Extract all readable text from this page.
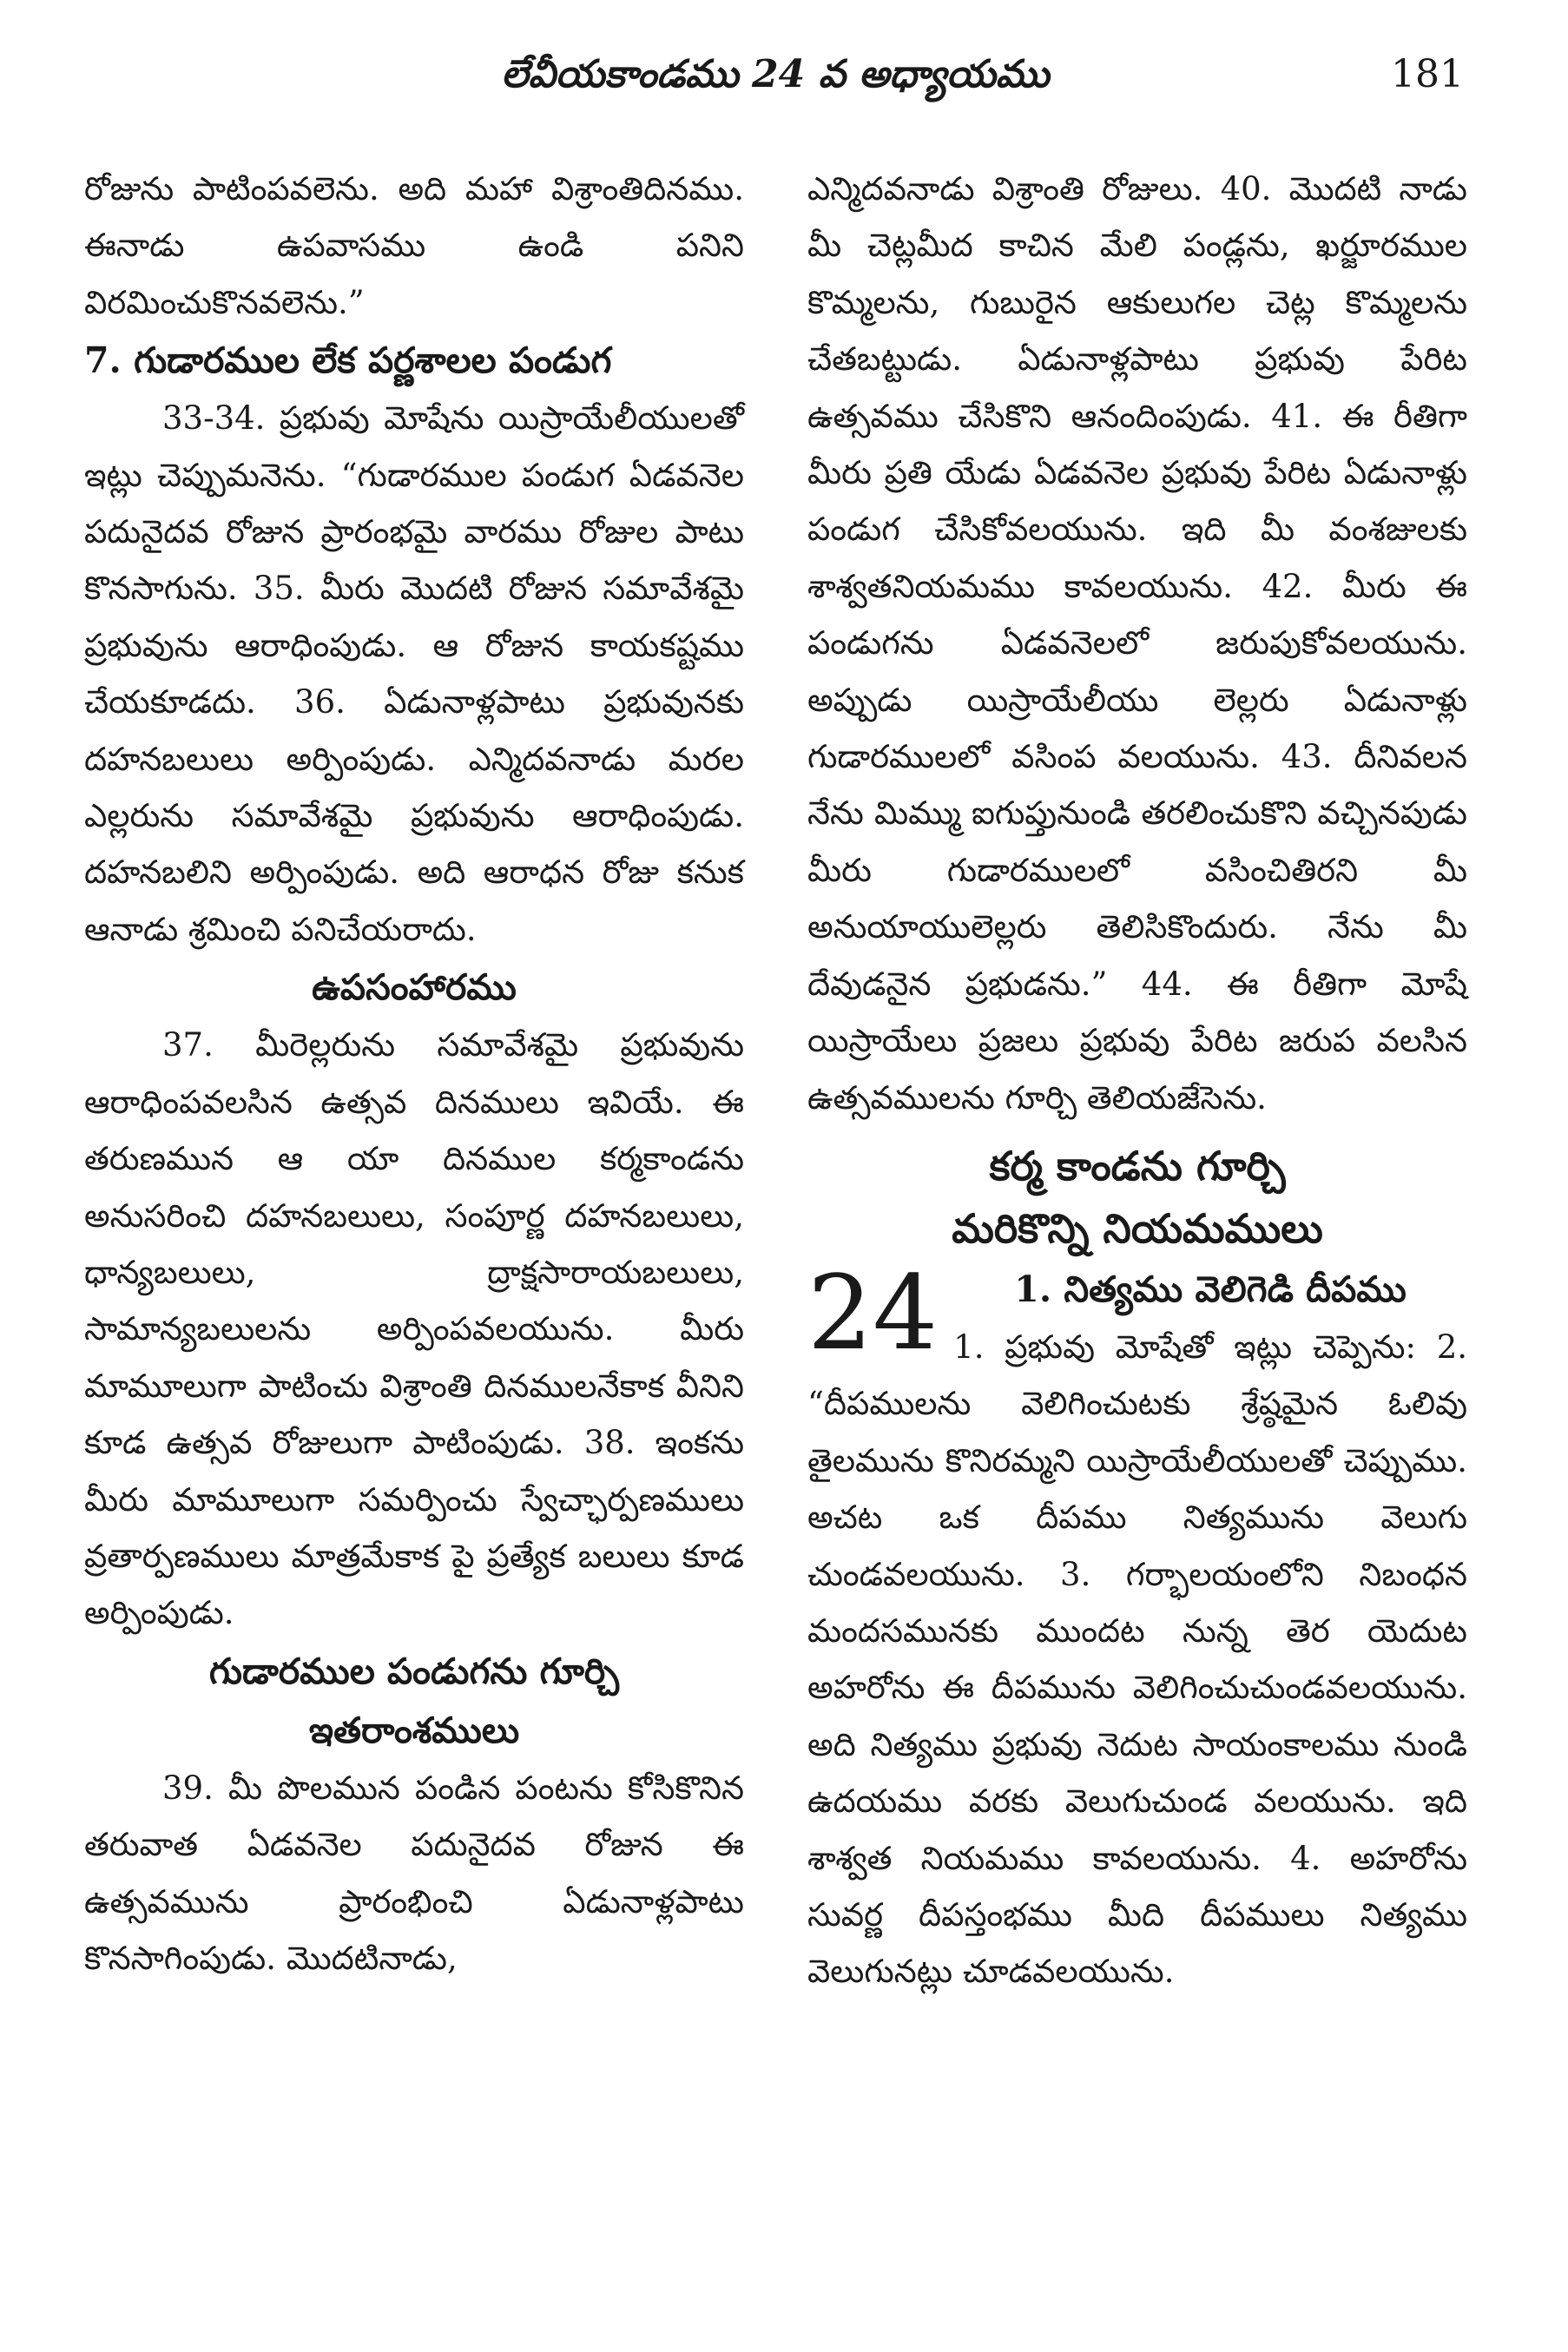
లేవీయకాండము 24 వ అధ్యాయము	181

రోజును పాటింపవలెను. అది మహా విశ్రాంతిదినము. ఈనాడు ఉపవాసము ఉండి పనిని విరమించుకొనవలెను.”

7. గుడారముల లేక పర్ణశాలల పండుగ

33-34. ప్రభువు మోషేను యిస్రాయేలీయులతో ఇట్లు చెప్పుమనెను. “గుడారముల పండుగ ఏడవనెల పదునైదవ రోజున ప్రారంభమై వారము రోజుల పాటు కొనసాగును. 35. మీరు మొదటి రోజున సమావేశమై ప్రభువును ఆరాధింపుడు. ఆ రోజున కాయకష్టము చేయకూడదు. 36. ఏడునాళ్లపాటు ప్రభువునకు దహనబలులు అర్పింపుడు. ఎన్మిదవనాడు మరల ఎల్లరును సమావేశమై ప్రభువును ఆరాధింపుడు. దహనబలిని అర్పింపుడు. అది ఆరాధన రోజు కనుక ఆనాడు శ్రమించి పనిచేయరాదు.

ఉపసంహారము

37. మీరెల్లరును సమావేశమై ప్రభువును ఆరాధింపవలసిన ఉత్సవ దినములు ఇవియే. ఈ తరుణమున ఆ యా దినముల కర్మకాండను అనుసరించి దహనబలులు, సంపూర్ణ దహనబలులు, ధాన్యబలులు, ద్రాక్షసారాయబలులు, సామాన్యబలులను అర్పింపవలయును. మీరు మామూలుగా పాటించు విశ్రాంతి దినములనేకాక వీనిని కూడ ఉత్సవ రోజులుగా పాటింపుడు. 38. ఇంకను మీరు మామూలుగా సమర్పించు స్వేచ్ఛార్పణములు వ్రతార్పణములు మాత్రమేకాక పై ప్రత్యేక బలులు కూడ అర్పింపుడు.

గుడారముల పండుగను గూర్చి
ఇతరాంశములు

39. మీ పొలమున పండిన పంటను కోసికొనిన తరువాత ఏడవనెల పదునైదవ రోజున ఈ ఉత్సవమును ప్రారంభించి ఏడునాళ్లపాటు కొనసాగింపుడు. మొదటినాడు,

ఎన్మిదవనాడు విశ్రాంతి రోజులు. 40. మొదటి నాడు మీ చెట్లమీద కాచిన మేలి పండ్లను, ఖర్జూరముల కొమ్మలను, గుబురైన ఆకులుగల చెట్ల కొమ్మలను చేతబట్టుడు. ఏడునాళ్లపాటు ప్రభువు పేరిట ఉత్సవము చేసికొని ఆనందింపుడు. 41. ఈ రీతిగా మీరు ప్రతి యేడు ఏడవనెల ప్రభువు పేరిట ఏడునాళ్లు పండుగ చేసికోవలయును. ఇది మీ వంశజులకు శాశ్వతనియమము కావలయును. 42. మీరు ఈ పండుగను ఏడవనెలలో జరుపుకోవలయును. అప్పుడు యిస్రాయేలీయు లెల్లరు ఏడునాళ్లు గుడారములలో వసింప వలయును. 43. దీనివలన నేను మిమ్ము ఐగుప్తునుండి తరలించుకొని వచ్చినపుడు మీరు గుడారములలో వసించితిరని మీ అనుయాయులెల్లరు తెలిసికొందురు. నేను మీ దేవుడనైన ప్రభుడను.” 44. ఈ రీతిగా మోషే యిస్రాయేలు ప్రజలు ప్రభువు పేరిట జరుప వలసిన ఉత్సవములను గూర్చి తెలియజేసెను.

కర్మ కాండను గూర్చి
మరికొన్ని నియమములు
24	1. నిత్యము వెలిగెడి దీపము

1. ప్రభువు మోషేతో ఇట్లు చెప్పెను: 2. “దీపములను వెలిగించుటకు శ్రేష్ఠమైన ఓలివు తైలమును కొనిరమ్మని యిస్రాయేలీయులతో చెప్పుము. అచట ఒక దీపము నిత్యమును వెలుగు చుండవలయును. 3. గర్భాలయంలోని నిబంధన మందసమునకు ముందట నున్న తెర యెదుట అహరోను ఈ దీపమును వెలిగించుచుండవలయును. అది నిత్యము ప్రభువు నెదుట సాయంకాలము నుండి ఉదయము వరకు వెలుగుచుండ వలయును. ఇది శాశ్వత నియమము కావలయును. 4. అహరోను సువర్ణ దీపస్తంభము మీది దీపములు నిత్యము వెలుగునట్లు చూడవలయును.
